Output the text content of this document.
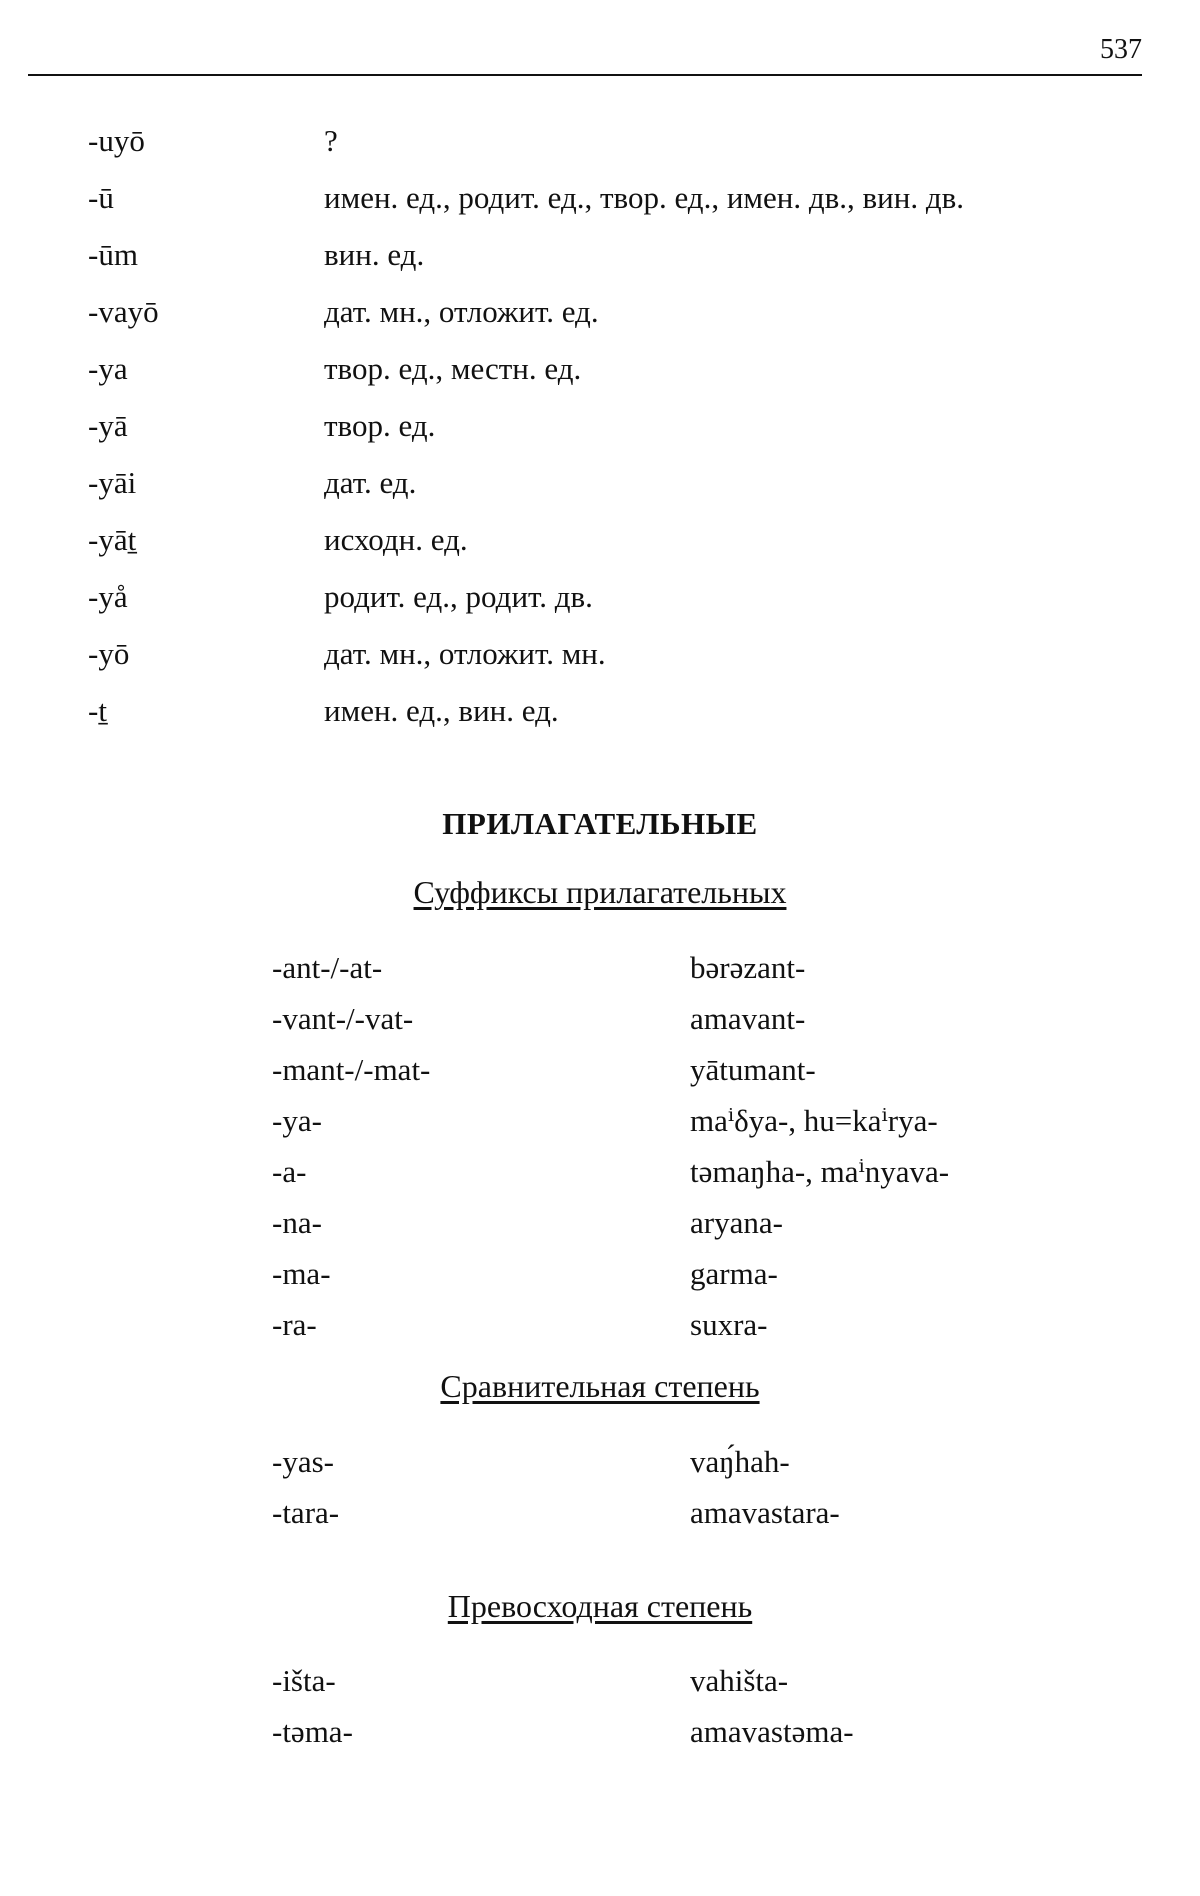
537
-uyō	?
-ū	имен. ед., родит. ед., твор. ед., имен. дв., вин. дв.
-ūm	вин. ед.
-vayō	дат. мн., отложит. ед.
-ya	твор. ед., местн. ед.
-yā	твор. ед.
-yāi	дат. ед.
-yāṯ	исходн. ед.
-yå	родит. ед., родит. дв.
-yō	дат. мн., отложит. мн.
-ṯ	имен. ед., вин. ед.
ПРИЛАГАТЕЛЬНЫЕ
Суффиксы прилагательных
-ant-/-at-	bərəzant-
-vant-/-vat-	amavant-
-mant-/-mat-	yātumant-
-ya-	maⁱδya-, hu=kaⁱrya-
-a-	təmaŋha-, maⁱnyava-
-na-	aryana-
-ma-	garma-
-ra-	suxra-
Сравнительная степень
-yas-	vaŋ́hah-
-tara-	amavastara-
Превосходная степень
-išta-	vahišta-
-təma-	amavastəma-
